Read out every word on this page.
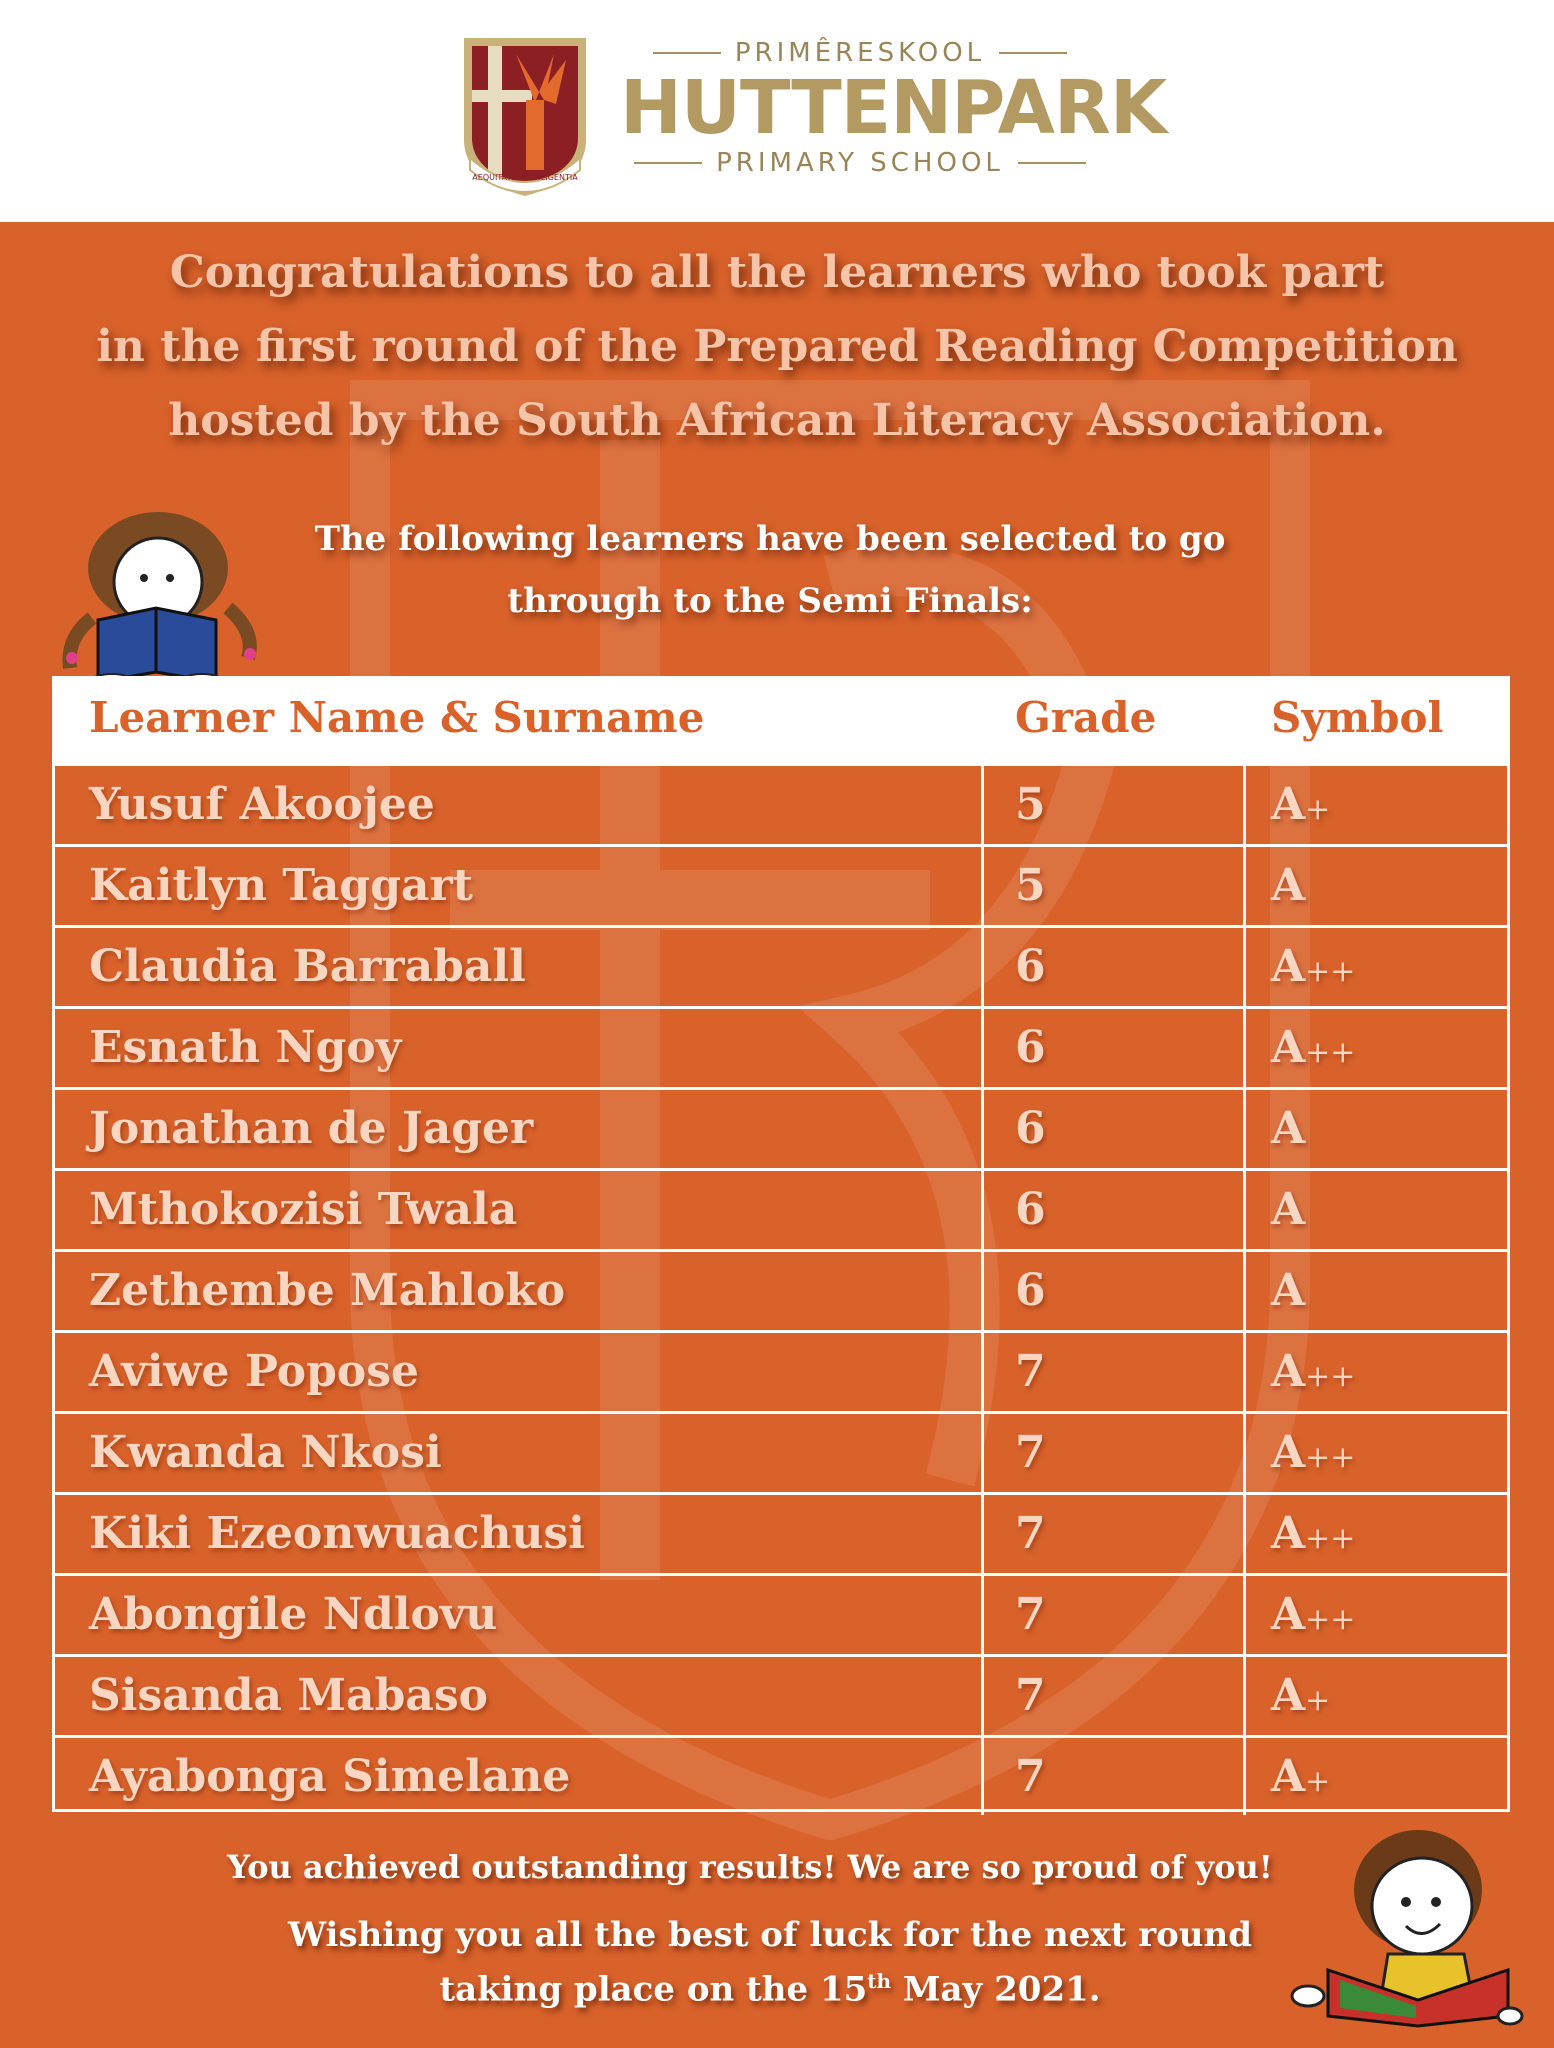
AEQUITATE AC DILIGENTIA
PRIMÊRESKOOL
HUTTENPARK
PRIMARY SCHOOL
Congratulations to all the learners who took part
in the first round of the Prepared Reading Competition
hosted by the South African Literacy Association.
The following learners have been selected to go
through to the Semi Finals:
Learner Name & Surname	Grade	Symbol
Yusuf Akoojee	5	A+
Kaitlyn Taggart	5	A
Claudia Barraball	6	A++
Esnath Ngoy	6	A++
Jonathan de Jager	6	A
Mthokozisi Twala	6	A
Zethembe Mahloko	6	A
Aviwe Popose	7	A++
Kwanda Nkosi	7	A++
Kiki Ezeonwuachusi	7	A++
Abongile Ndlovu	7	A++
Sisanda Mabaso	7	A+
Ayabonga Simelane	7	A+
You achieved outstanding results! We are so proud of you!
Wishing you all the best of luck for the next round
taking place on the 15th May 2021.
